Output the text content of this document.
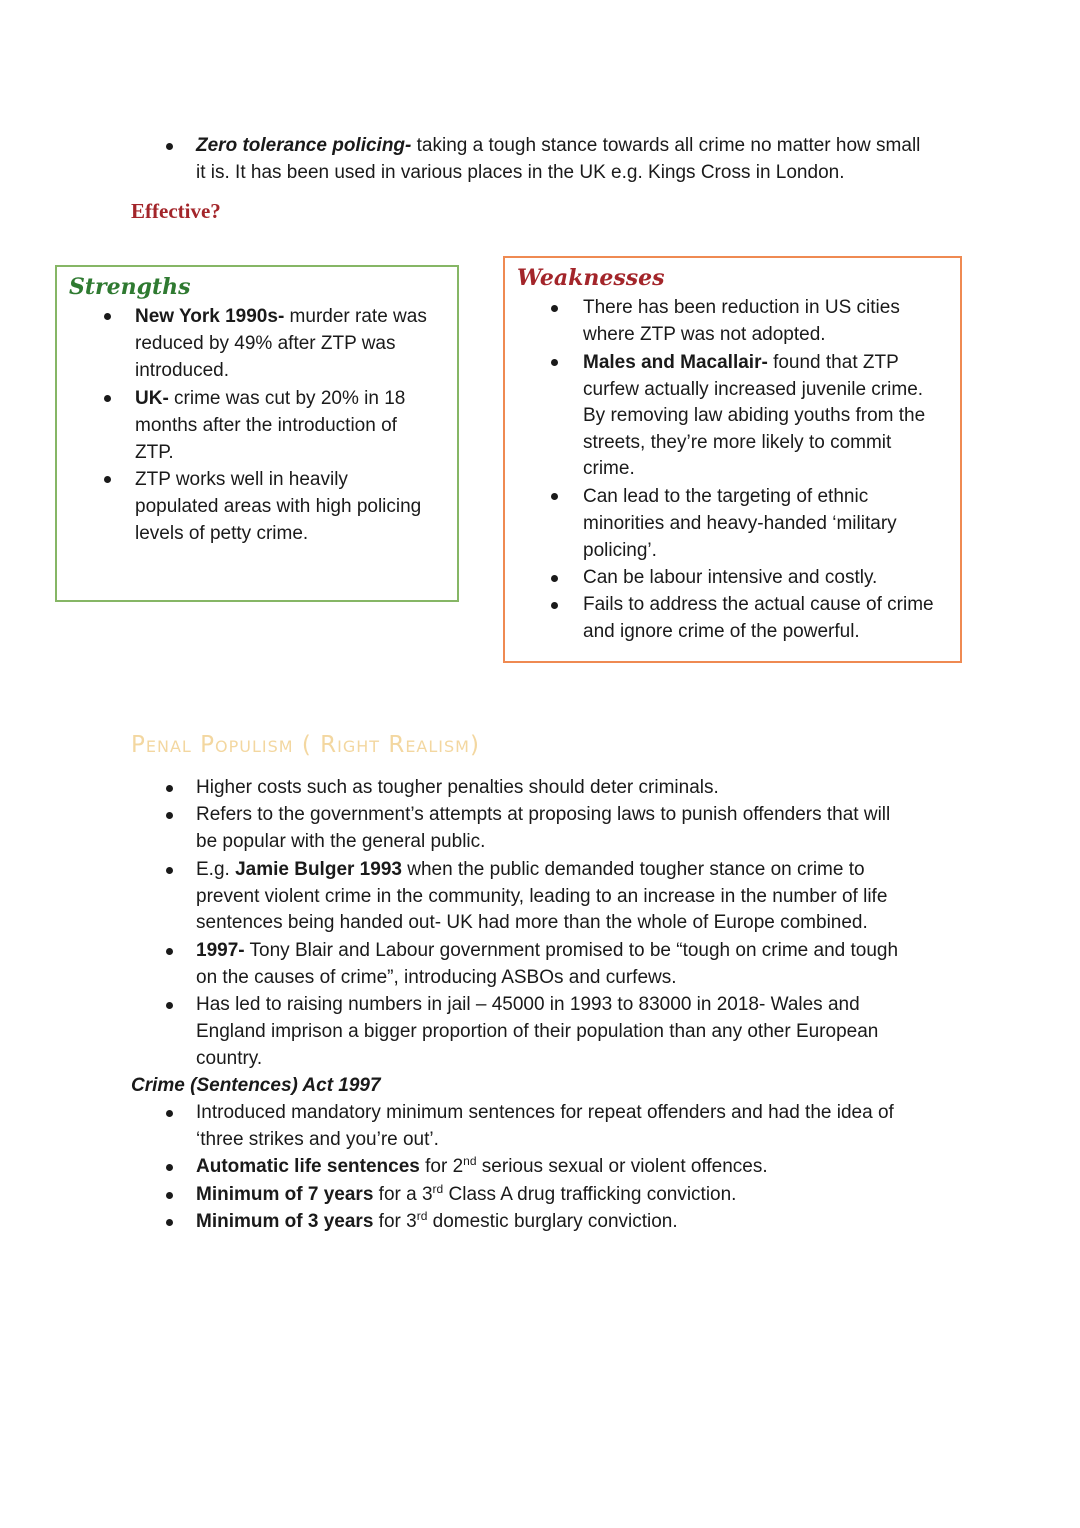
Zero tolerance policing- taking a tough stance towards all crime no matter how small
it is. It has been used in various places in the UK e.g. Kings Cross in London.
Effective?
Strengths
New York 1990s- murder rate was
reduced by 49% after ZTP was
introduced.
UK- crime was cut by 20% in 18
months after the introduction of
ZTP.
ZTP works well in heavily
populated areas with high policing
levels of petty crime.
Weaknesses
There has been reduction in US cities
where ZTP was not adopted.
Males and Macallair- found that ZTP
curfew actually increased juvenile crime.
By removing law abiding youths from the
streets, they’re more likely to commit
crime.
Can lead to the targeting of ethnic
minorities and heavy-handed ‘military
policing’.
Can be labour intensive and costly.
Fails to address the actual cause of crime
and ignore crime of the powerful.
Penal Populism ( Right Realism)
Higher costs such as tougher penalties should deter criminals.
Refers to the government’s attempts at proposing laws to punish offenders that will
be popular with the general public.
E.g. Jamie Bulger 1993 when the public demanded tougher stance on crime to
prevent violent crime in the community, leading to an increase in the number of life
sentences being handed out- UK had more than the whole of Europe combined.
1997- Tony Blair and Labour government promised to be “tough on crime and tough
on the causes of crime”, introducing ASBOs and curfews.
Has led to raising numbers in jail – 45000 in 1993 to 83000 in 2018- Wales and
England imprison a bigger proportion of their population than any other European
country.
Crime (Sentences) Act 1997
Introduced mandatory minimum sentences for repeat offenders and had the idea of
‘three strikes and you’re out’.
Automatic life sentences for 2nd serious sexual or violent offences.
Minimum of 7 years for a 3rd Class A drug trafficking conviction.
Minimum of 3 years for 3rd domestic burglary conviction.
